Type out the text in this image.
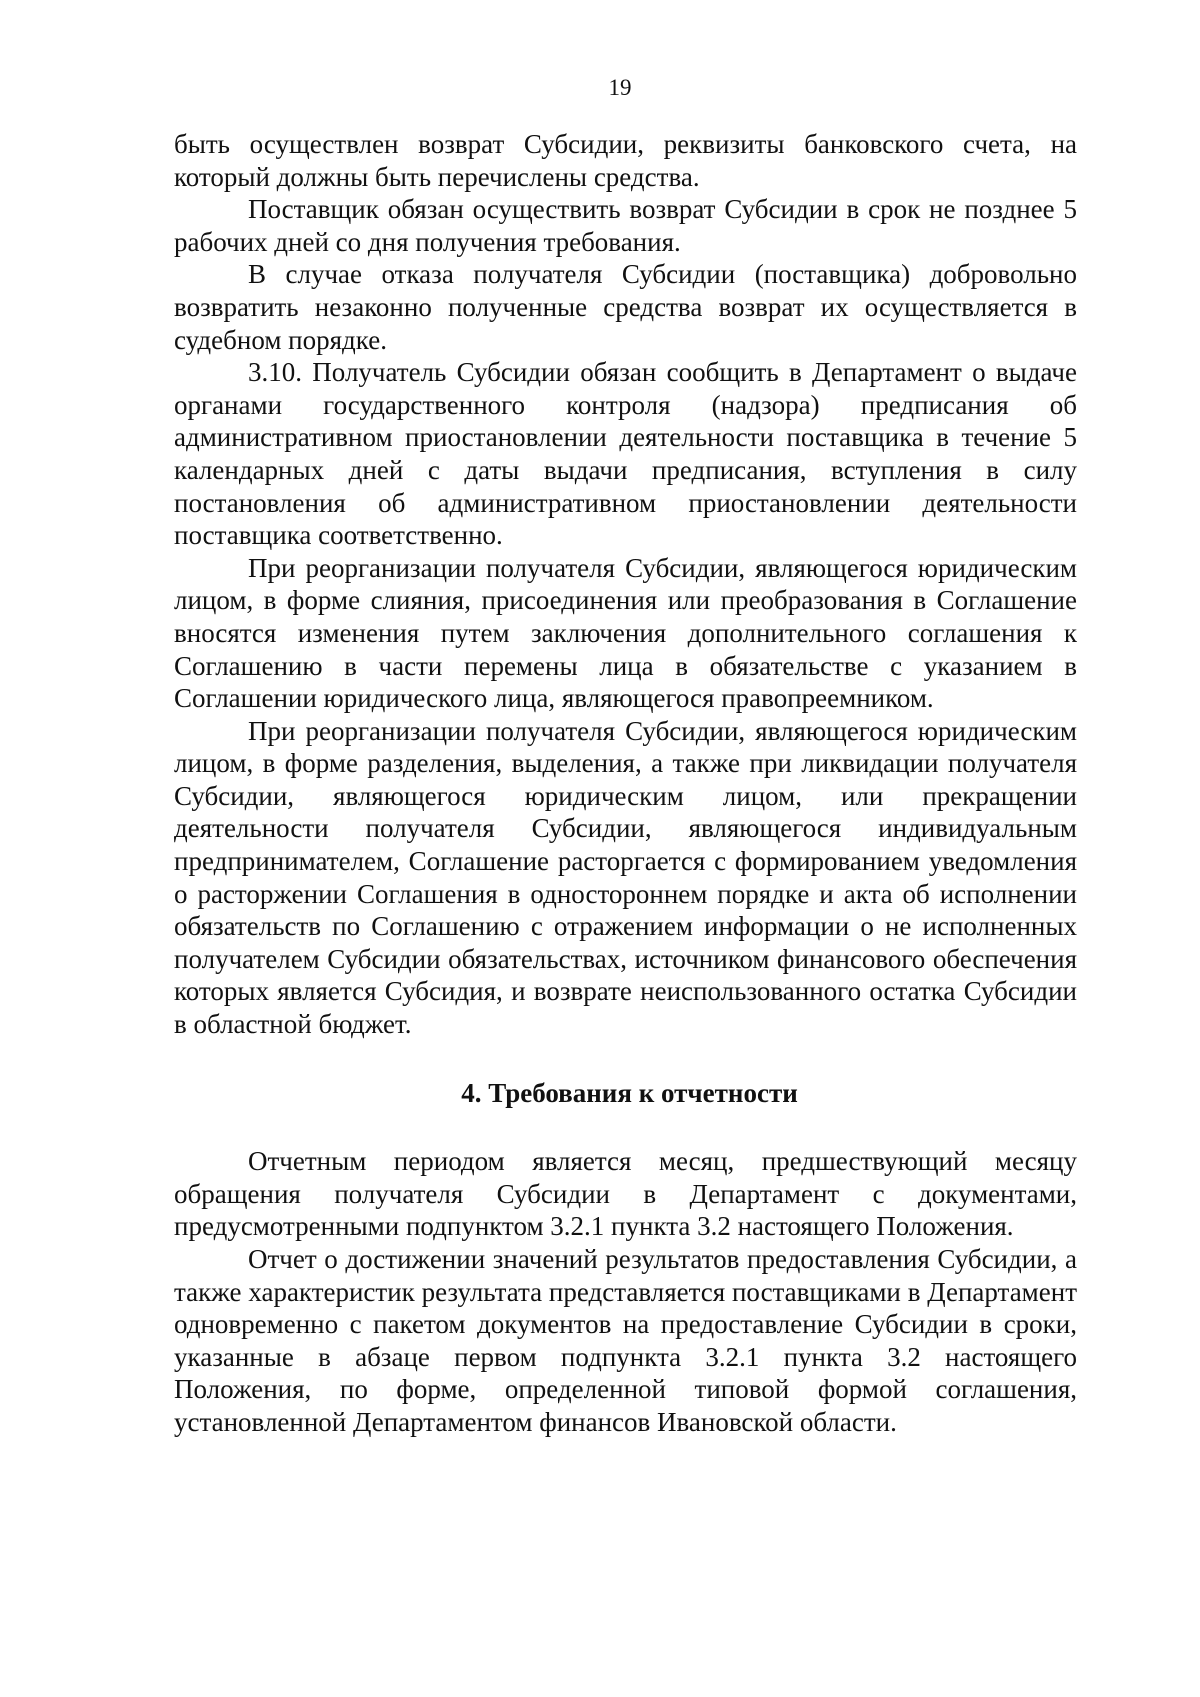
19

быть осуществлен возврат Субсидии, реквизиты банковского счета, на который должны быть перечислены средства.

Поставщик обязан осуществить возврат Субсидии в срок не позднее 5 рабочих дней со дня получения требования.

В случае отказа получателя Субсидии (поставщика) добровольно возвратить незаконно полученные средства возврат их осуществляется в судебном порядке.

3.10. Получатель Субсидии обязан сообщить в Департамент о выдаче органами государственного контроля (надзора) предписания об административном приостановлении деятельности поставщика в течение 5 календарных дней с даты выдачи предписания, вступления в силу постановления об административном приостановлении деятельности поставщика соответственно.

При реорганизации получателя Субсидии, являющегося юридическим лицом, в форме слияния, присоединения или преобразования в Соглашение вносятся изменения путем заключения дополнительного соглашения к Соглашению в части перемены лица в обязательстве с указанием в Соглашении юридического лица, являющегося правопреемником.

При реорганизации получателя Субсидии, являющегося юридическим лицом, в форме разделения, выделения, а также при ликвидации получателя Субсидии, являющегося юридическим лицом, или прекращении деятельности получателя Субсидии, являющегося индивидуальным предпринимателем, Соглашение расторгается с формированием уведомления о расторжении Соглашения в одностороннем порядке и акта об исполнении обязательств по Соглашению с отражением информации о не исполненных получателем Субсидии обязательствах, источником финансового обеспечения которых является Субсидия, и возврате неиспользованного остатка Субсидии в областной бюджет.

4. Требования к отчетности

Отчетным периодом является месяц, предшествующий месяцу обращения получателя Субсидии в Департамент с документами, предусмотренными подпунктом 3.2.1 пункта 3.2 настоящего Положения.

Отчет о достижении значений результатов предоставления Субсидии, а также характеристик результата представляется поставщиками в Департамент одновременно с пакетом документов на предоставление Субсидии в сроки, указанные в абзаце первом подпункта 3.2.1 пункта 3.2 настоящего Положения, по форме, определенной типовой формой соглашения, установленной Департаментом финансов Ивановской области.
